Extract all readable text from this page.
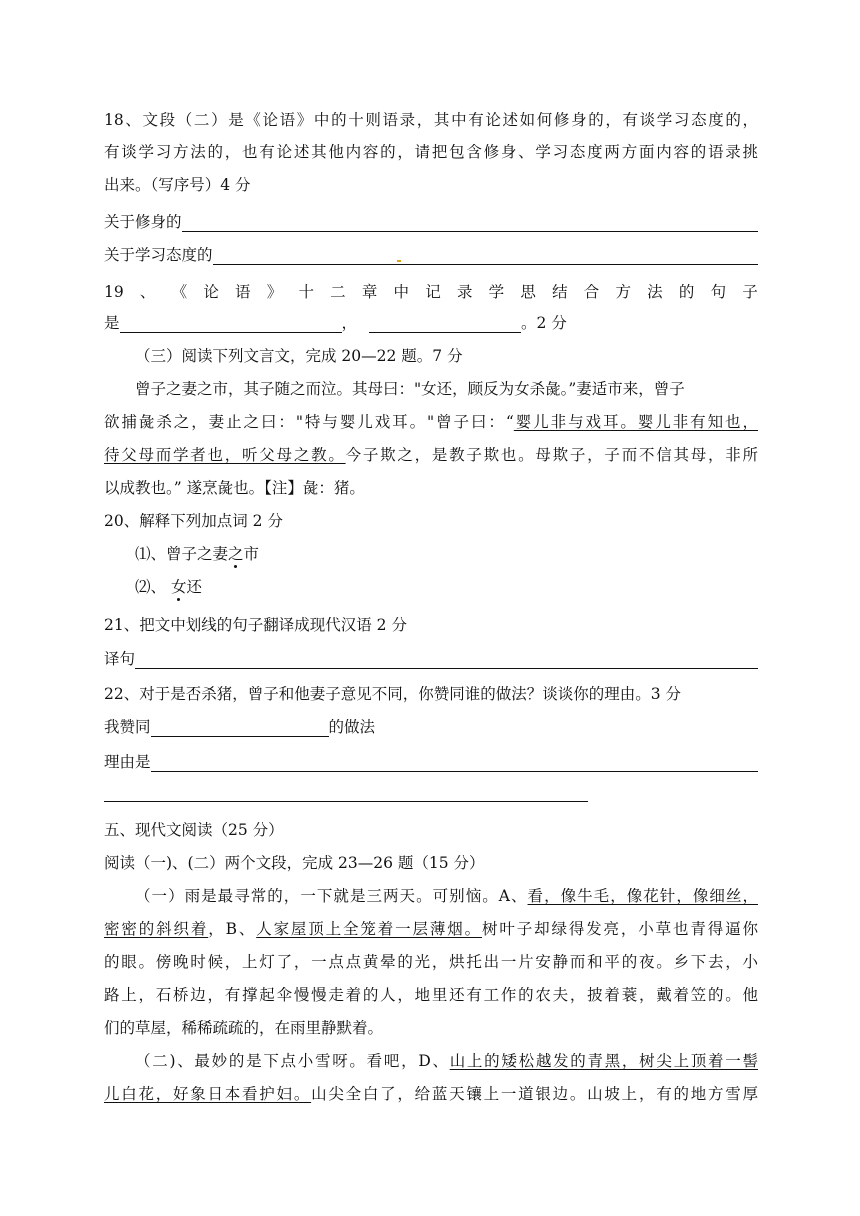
18、文段（二）是《论语》中的十则语录，其中有论述如何修身的，有谈学习态度的，
有谈学习方法的，也有论述其他内容的，请把包含修身、学习态度两方面内容的语录挑
出来。（写序号）4 分
关于修身的
关于学习态度的
19 、 《 论 语 》 十 二 章 中 记 录 学 思 结 合 方 法 的 句 子
是	，	。2 分
（三）阅读下列文言文，完成 20—22 题。7 分
曾子之妻之市，其子随之而泣。其母曰："女还，顾反为女杀彘。”妻适市来，曾子
欲捕彘杀之，妻止之曰："特与婴儿戏耳。"曾子曰：“婴儿非与戏耳。婴儿非有知也，
待父母而学者也，听父母之教。今子欺之，是教子欺也。母欺子，子而不信其母，非所
以成教也。” 遂烹彘也。【注】彘：猪。
20、解释下列加点词 2 分
⑴、曾子之妻之市
⑵、 女还
21、把文中划线的句子翻译成现代汉语 2 分
译句
22、对于是否杀猪，曾子和他妻子意见不同，你赞同谁的做法？谈谈你的理由。3 分
我赞同	的做法
理由是
五、现代文阅读（25 分）
阅读（一)、(二）两个文段，完成 23—26 题（15 分）
（一）雨是最寻常的，一下就是三两天。可别恼。A、看，像牛毛，像花针，像细丝，
密密的斜织着，B、人家屋顶上全笼着一层薄烟。树叶子却绿得发亮，小草也青得逼你
的眼。傍晚时候，上灯了，一点点黄晕的光，烘托出一片安静而和平的夜。乡下去，小
路上，石桥边，有撑起伞慢慢走着的人，地里还有工作的农夫，披着蓑，戴着笠的。他
们的草屋，稀稀疏疏的，在雨里静默着。
（二)、最妙的是下点小雪呀。看吧，D、山上的矮松越发的青黑，树尖上顶着一髻
儿白花，好象日本看护妇。山尖全白了，给蓝天镶上一道银边。山坡上，有的地方雪厚
